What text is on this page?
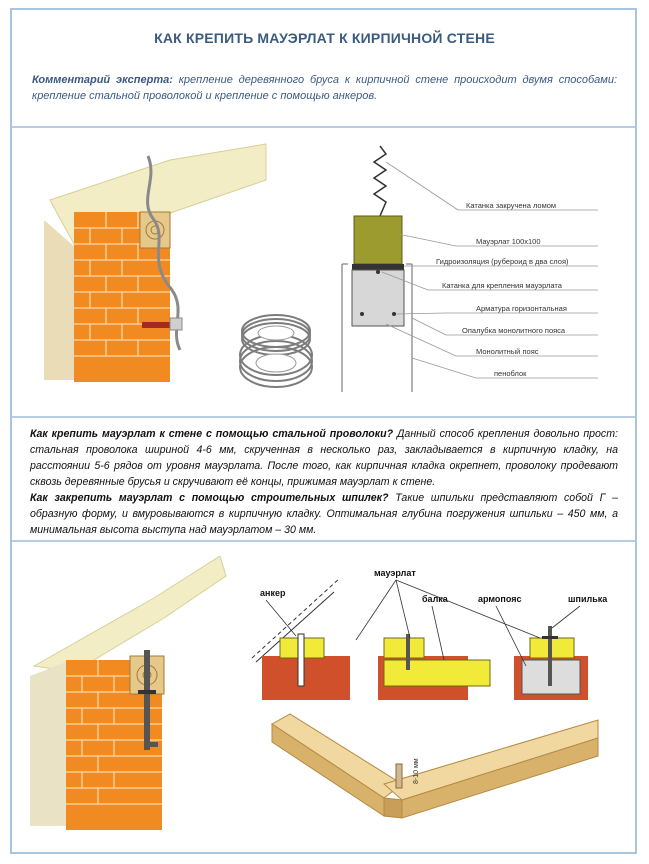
КАК КРЕПИТЬ МАУЭРЛАТ К КИРПИЧНОЙ СТЕНЕ
Комментарий эксперта: крепление деревянного бруса к кирпичной стене происходит двумя способами: крепление стальной проволокой и крепление с помощью анкеров.
Катанка закручена ломом
Мауэрлат 100х100
Гидроизоляция (рубероид в два слоя)
Катанка для крепления мауэрлата
Арматура горизонтальная
Опалубка монолитного пояса
Монолитный пояс
пеноблок
Как крепить мауэрлат к стене с помощью стальной проволоки? Данный способ крепления довольно прост: стальная проволока шириной 4-6 мм, скрученная в несколько раз, закладывается в кирпичную кладку, на расстоянии 5-6 рядов от уровня мауэрлата. После того, как кирпичная кладка окрепнет, проволоку продевают сквозь деревянные брусья и скручивают её концы, прижимая мауэрлат к стене.
Как закрепить мауэрлат с помощью строительных шпилек? Такие шпильки представляют собой Г – образную форму, и вмуровываются в кирпичную кладку. Оптимальная глубина погружения шпильки – 450 мм, а минимальная высота выступа над мауэрлатом – 30 мм.
анкер
мауэрлат
балка	армопояс	шпилька
8-10 мм
